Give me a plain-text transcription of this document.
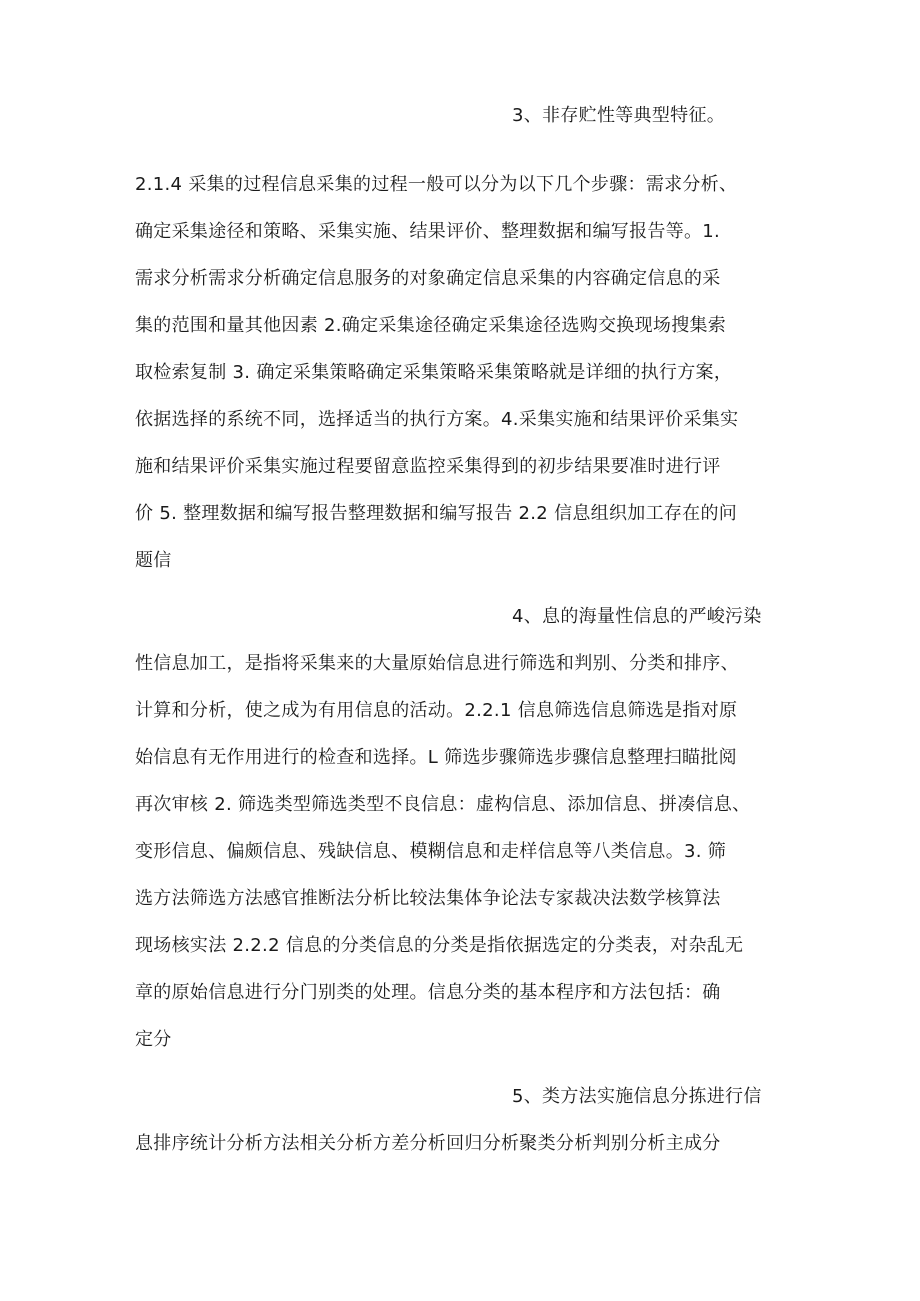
3、非存贮性等典型特征。
2.1.4 采集的过程信息采集的过程一般可以分为以下几个步骤：需求分析、
确定采集途径和策略、采集实施、结果评价、整理数据和编写报告等。1.
需求分析需求分析确定信息服务的对象确定信息采集的内容确定信息的采
集的范围和量其他因素 2.确定采集途径确定采集途径选购交换现场搜集索
取检索复制 3. 确定采集策略确定采集策略采集策略就是详细的执行方案，
依据选择的系统不同，选择适当的执行方案。4.采集实施和结果评价采集实
施和结果评价采集实施过程要留意监控采集得到的初步结果要准时进行评
价 5. 整理数据和编写报告整理数据和编写报告 2.2 信息组织加工存在的问
题信
4、息的海量性信息的严峻污染
性信息加工，是指将采集来的大量原始信息进行筛选和判别、分类和排序、
计算和分析，使之成为有用信息的活动。2.2.1 信息筛选信息筛选是指对原
始信息有无作用进行的检查和选择。L 筛选步骤筛选步骤信息整理扫瞄批阅
再次审核 2. 筛选类型筛选类型不良信息：虚构信息、添加信息、拼凑信息、
变形信息、偏颇信息、残缺信息、模糊信息和走样信息等八类信息。3. 筛
选方法筛选方法感官推断法分析比较法集体争论法专家裁决法数学核算法
现场核实法 2.2.2 信息的分类信息的分类是指依据选定的分类表，对杂乱无
章的原始信息进行分门别类的处理。信息分类的基本程序和方法包括：确
定分
5、类方法实施信息分拣进行信
息排序统计分析方法相关分析方差分析回归分析聚类分析判别分析主成分
